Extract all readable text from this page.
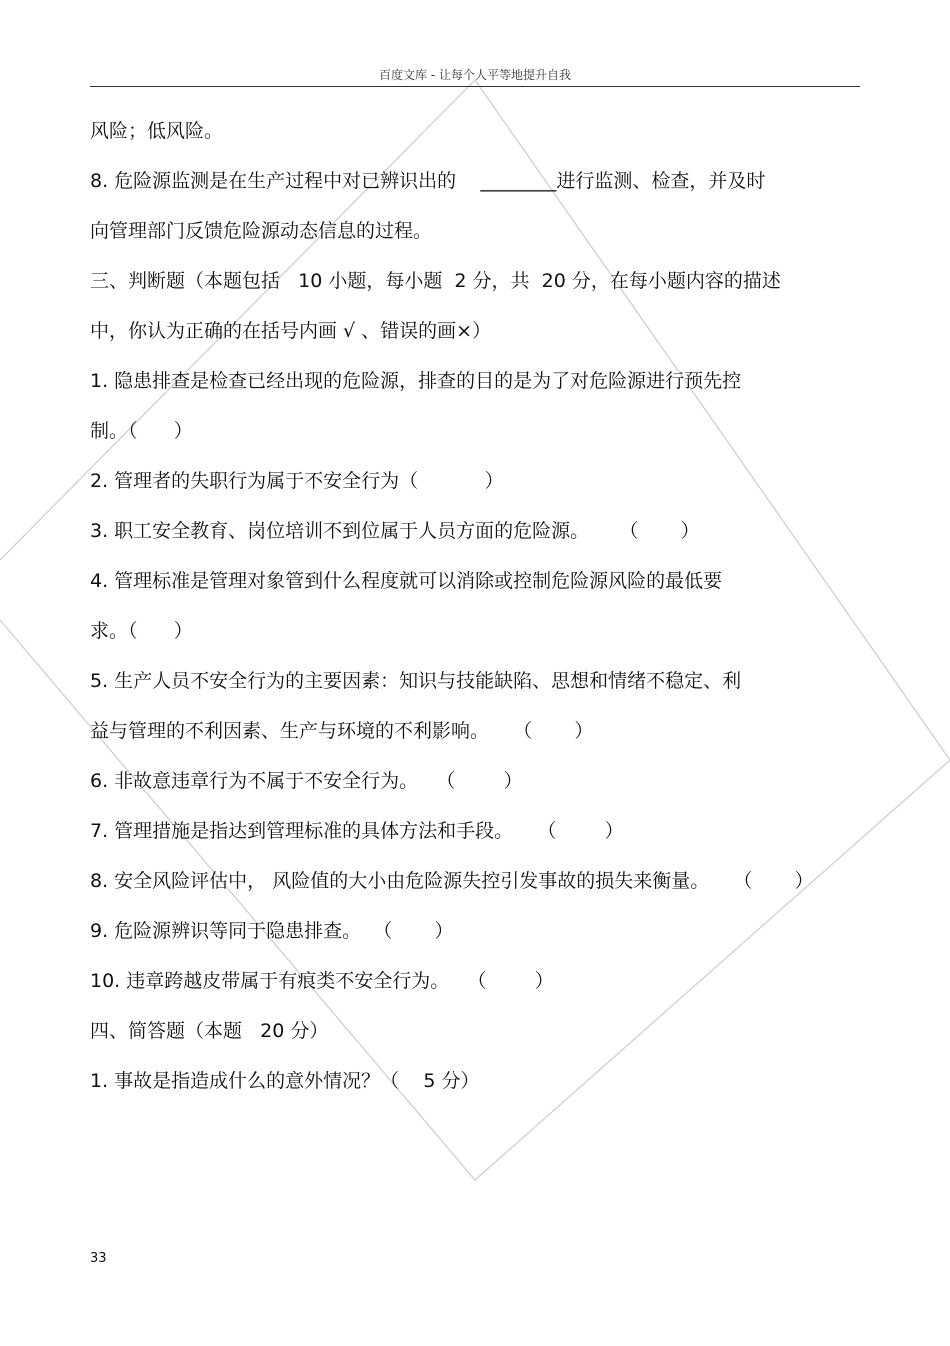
百度文库 - 让每个人平等地提升自我
风险；低风险。
8. 危险源监测是在生产过程中对已辨识出的    ________进行监测、检查，并及时
向管理部门反馈危险源动态信息的过程。
三、判断题（本题包括   10 小题，每小题  2 分，共  20 分，在每小题内容的描述
中，你认为正确的在括号内画 √ 、错误的画×）
1. 隐患排查是检查已经出现的危险源，排查的目的是为了对危险源进行预先控
制。（      ）
2. 管理者的失职行为属于不安全行为（           ）
3. 职工安全教育、岗位培训不到位属于人员方面的危险源。     （       ）
4. 管理标准是管理对象管到什么程度就可以消除或控制危险源风险的最低要
求。（      ）
5. 生产人员不安全行为的主要因素：知识与技能缺陷、思想和情绪不稳定、利
益与管理的不利因素、生产与环境的不利影响。    （       ）
6. 非故意违章行为不属于不安全行为。   （        ）
7. 管理措施是指达到管理标准的具体方法和手段。    （        ）
8. 安全风险评估中， 风险值的大小由危险源失控引发事故的损失来衡量。    （       ）
9. 危险源辨识等同于隐患排查。  （       ）
10. 违章跨越皮带属于有痕类不安全行为。   （        ）
四、简答题（本题   20 分）
1. 事故是指造成什么的意外情况？（    5 分）
33
